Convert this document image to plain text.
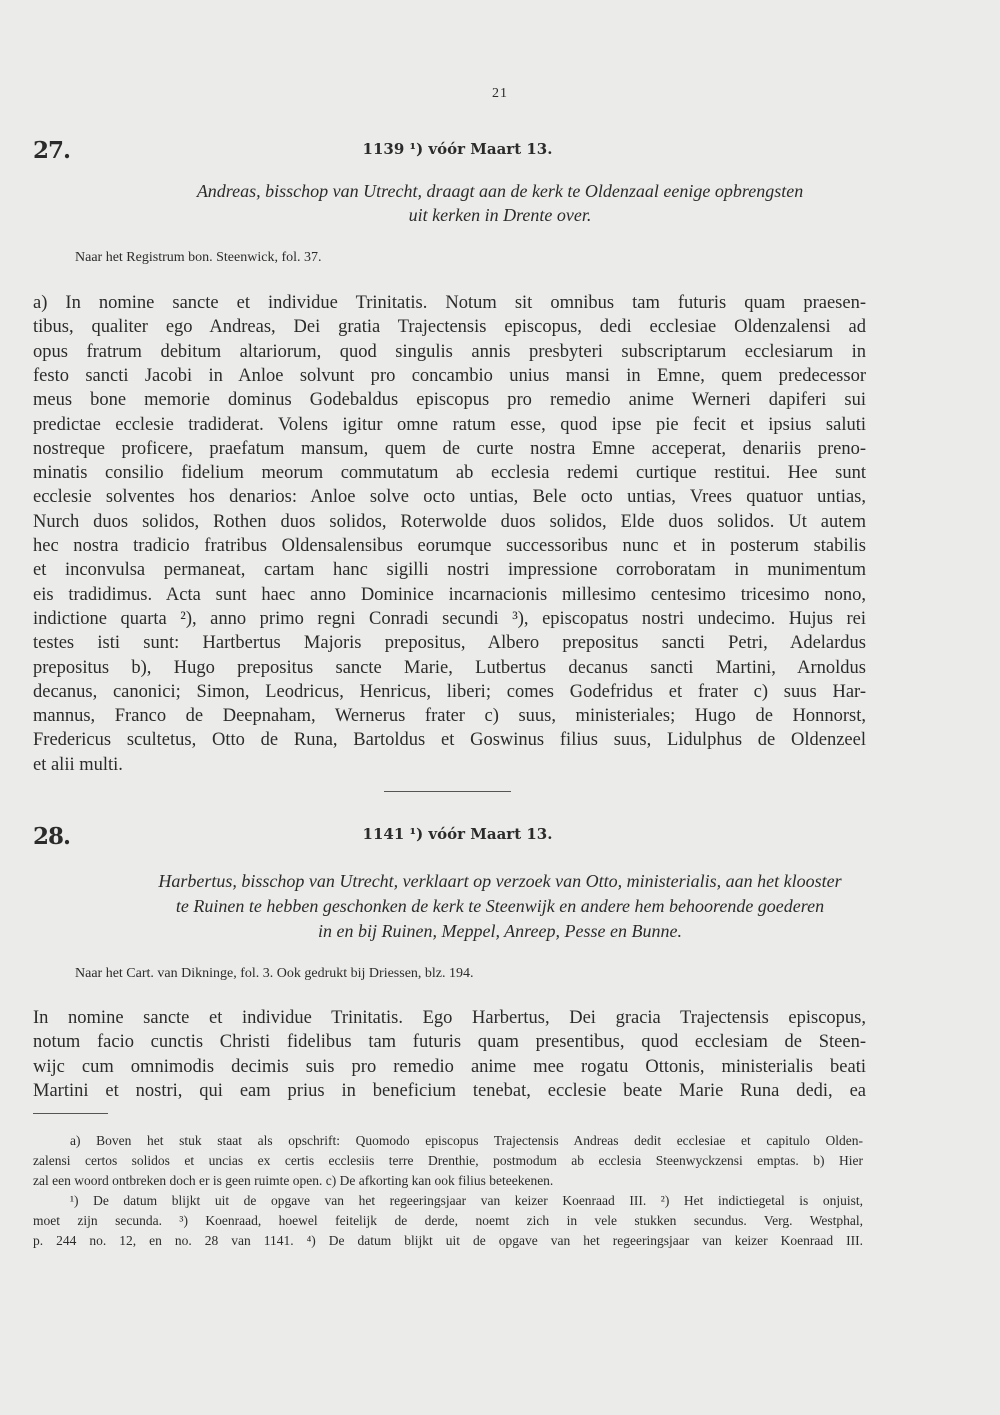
21
27.	1139 ¹) vóór Maart 13.
Andreas, bisschop van Utrecht, draagt aan de kerk te Oldenzaal eenige opbrengsten
uit kerken in Drente over.
Naar het Registrum bon. Steenwick, fol. 37.
a) In nomine sancte et individue Trinitatis. Notum sit omnibus tam futuris quam praesen-
tibus, qualiter ego Andreas, Dei gratia Trajectensis episcopus, dedi ecclesiae Oldenzalensi ad
opus fratrum debitum altariorum, quod singulis annis presbyteri subscriptarum ecclesiarum in
festo sancti Jacobi in Anloe solvunt pro concambio unius mansi in Emne, quem predecessor
meus bone memorie dominus Godebaldus episcopus pro remedio anime Werneri dapiferi sui
predictae ecclesie tradiderat. Volens igitur omne ratum esse, quod ipse pie fecit et ipsius saluti
nostreque proficere, praefatum mansum, quem de curte nostra Emne acceperat, denariis preno-
minatis consilio fidelium meorum commutatum ab ecclesia redemi curtique restitui. Hee sunt
ecclesie solventes hos denarios: Anloe solve octo untias, Bele octo untias, Vrees quatuor untias,
Nurch duos solidos, Rothen duos solidos, Roterwolde duos solidos, Elde duos solidos. Ut autem
hec nostra tradicio fratribus Oldensalensibus eorumque successoribus nunc et in posterum stabilis
et inconvulsa permaneat, cartam hanc sigilli nostri impressione corroboratam in munimentum
eis tradidimus. Acta sunt haec anno Dominice incarnacionis millesimo centesimo tricesimo nono,
indictione quarta ²), anno primo regni Conradi secundi ³), episcopatus nostri undecimo. Hujus rei
testes isti sunt: Hartbertus Majoris prepositus, Albero prepositus sancti Petri, Adelardus
prepositus b), Hugo prepositus sancte Marie, Lutbertus decanus sancti Martini, Arnoldus
decanus, canonici; Simon, Leodricus, Henricus, liberi; comes Godefridus et frater c) suus Har-
mannus, Franco de Deepnaham, Wernerus frater c) suus, ministeriales; Hugo de Honnorst,
Fredericus scultetus, Otto de Runa, Bartoldus et Goswinus filius suus, Lidulphus de Oldenzeel
et alii multi.
28.	1141 ¹) vóór Maart 13.
Harbertus, bisschop van Utrecht, verklaart op verzoek van Otto, ministerialis, aan het klooster
te Ruinen te hebben geschonken de kerk te Steenwijk en andere hem behoorende goederen
in en bij Ruinen, Meppel, Anreep, Pesse en Bunne.
Naar het Cart. van Dikninge, fol. 3. Ook gedrukt bij Driessen, blz. 194.
In nomine sancte et individue Trinitatis. Ego Harbertus, Dei gracia Trajectensis episcopus,
notum facio cunctis Christi fidelibus tam futuris quam presentibus, quod ecclesiam de Steen-
wijc cum omnimodis decimis suis pro remedio anime mee rogatu Ottonis, ministerialis beati
Martini et nostri, qui eam prius in beneficium tenebat, ecclesie beate Marie Runa dedi, ea
a) Boven het stuk staat als opschrift: Quomodo episcopus Trajectensis Andreas dedit ecclesiae et capitulo Olden-
zalensi certos solidos et uncias ex certis ecclesiis terre Drenthie, postmodum ab ecclesia Steenwyckzensi emptas. b) Hier
zal een woord ontbreken doch er is geen ruimte open. c) De afkorting kan ook filius beteekenen.
¹) De datum blijkt uit de opgave van het regeeringsjaar van keizer Koenraad III. ²) Het indictiegetal is onjuist,
moet zijn secunda. ³) Koenraad, hoewel feitelijk de derde, noemt zich in vele stukken secundus. Verg. Westphal,
p. 244 no. 12, en no. 28 van 1141. ⁴) De datum blijkt uit de opgave van het regeeringsjaar van keizer Koenraad III.
